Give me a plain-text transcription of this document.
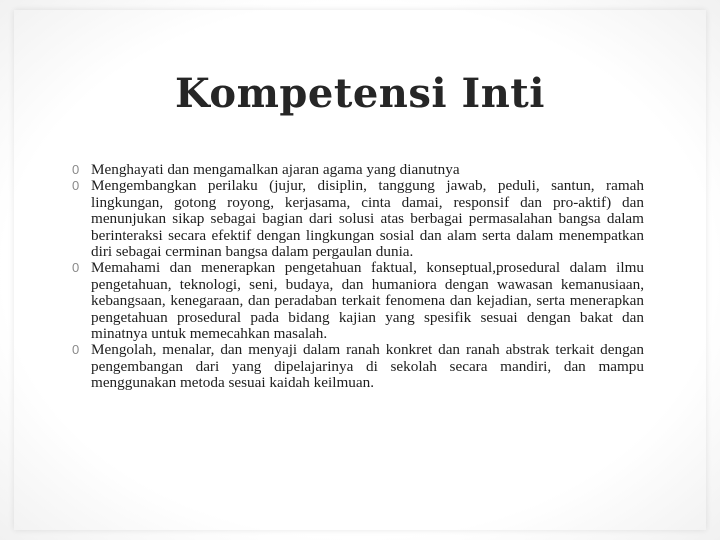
Kompetensi Inti
0 Menghayati dan mengamalkan ajaran agama yang dianutnya
0 Mengembangkan perilaku (jujur, disiplin, tanggung jawab, peduli, santun, ramah lingkungan, gotong royong, kerjasama, cinta damai, responsif dan pro-aktif) dan menunjukan sikap sebagai bagian dari solusi atas berbagai permasalahan bangsa dalam berinteraksi secara efektif dengan lingkungan sosial dan alam serta dalam menempatkan diri sebagai cerminan bangsa dalam pergaulan dunia.
0 Memahami dan menerapkan pengetahuan faktual, konseptual,prosedural dalam ilmu pengetahuan, teknologi, seni, budaya, dan humaniora dengan wawasan kemanusiaan, kebangsaan, kenegaraan, dan peradaban terkait fenomena dan kejadian, serta menerapkan pengetahuan prosedural pada bidang kajian yang spesifik sesuai dengan bakat dan minatnya untuk memecahkan masalah.
0 Mengolah, menalar, dan menyaji dalam ranah konkret dan ranah abstrak terkait dengan pengembangan dari yang dipelajarinya di sekolah secara mandiri, dan mampu menggunakan metoda sesuai kaidah keilmuan.
